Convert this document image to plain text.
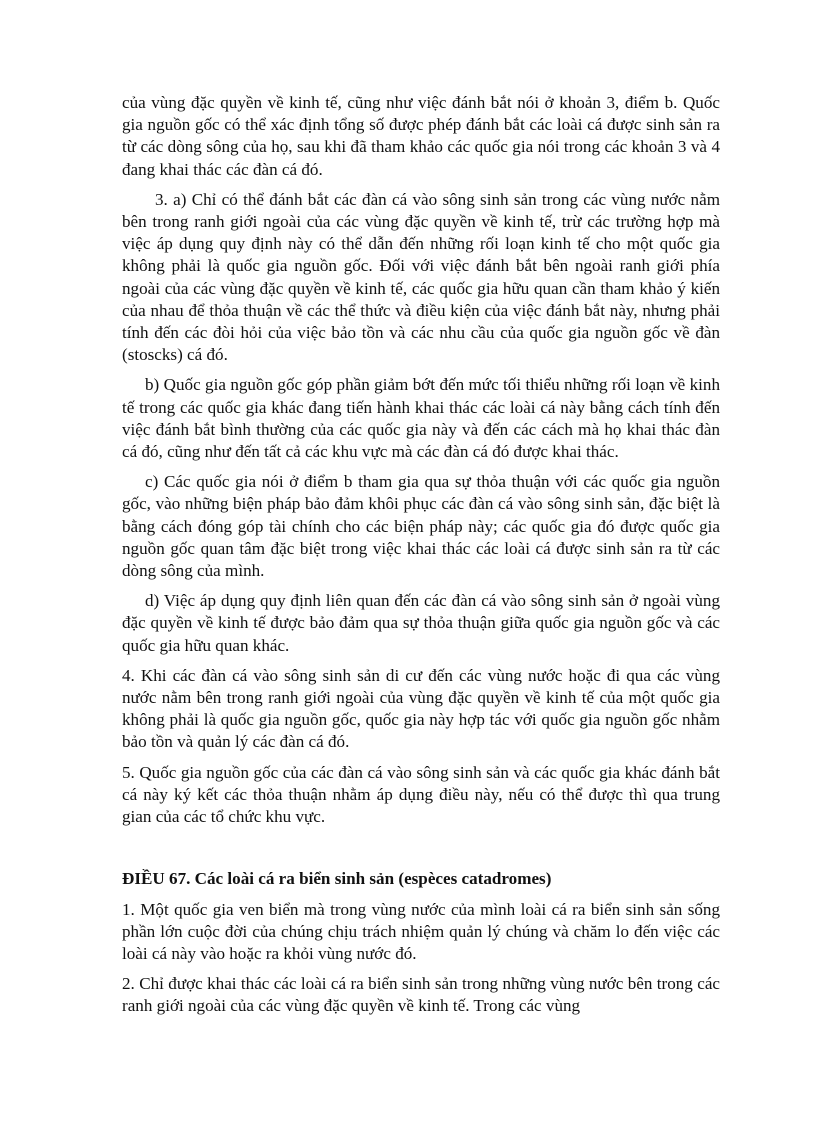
của vùng đặc quyền về kinh tế, cũng như việc đánh bắt nói ở khoản 3, điểm b. Quốc gia nguồn gốc có thể xác định tổng số được phép đánh bắt các loài cá được sinh sản ra từ các dòng sông của họ, sau khi đã tham khảo các quốc gia nói trong các khoản 3 và 4 đang khai thác các đàn cá đó.

3. a) Chỉ có thể đánh bắt các đàn cá vào sông sinh sản trong các vùng nước nằm bên trong ranh giới ngoài của các vùng đặc quyền về kinh tế, trừ các trường hợp mà việc áp dụng quy định này có thể dẫn đến những rối loạn kinh tế cho một quốc gia không phải là quốc gia nguồn gốc. Đối với việc đánh bắt bên ngoài ranh giới phía ngoài của các vùng đặc quyền về kinh tế, các quốc gia hữu quan cần tham khảo ý kiến của nhau để thỏa thuận về các thể thức và điều kiện của việc đánh bắt này, nhưng phải tính đến các đòi hỏi của việc bảo tồn và các nhu cầu của quốc gia nguồn gốc về đàn (stoscks) cá đó.

b) Quốc gia nguồn gốc góp phần giảm bớt đến mức tối thiểu những rối loạn về kinh tế trong các quốc gia khác đang tiến hành khai thác các loài cá này bằng cách tính đến việc đánh bắt bình thường của các quốc gia này và đến các cách mà họ khai thác đàn cá đó, cũng như đến tất cả các khu vực mà các đàn cá đó được khai thác.

c) Các quốc gia nói ở điểm b tham gia qua sự thỏa thuận với các quốc gia nguồn gốc, vào những biện pháp bảo đảm khôi phục các đàn cá vào sông sinh sản, đặc biệt là bằng cách đóng góp tài chính cho các biện pháp này; các quốc gia đó được quốc gia nguồn gốc quan tâm đặc biệt trong việc khai thác các loài cá được sinh sản ra từ các dòng sông của mình.

d) Việc áp dụng quy định liên quan đến các đàn cá vào sông sinh sản ở ngoài vùng đặc quyền về kinh tế được bảo đảm qua sự thỏa thuận giữa quốc gia nguồn gốc và các quốc gia hữu quan khác.

4. Khi các đàn cá vào sông sinh sản di cư đến các vùng nước hoặc đi qua các vùng nước nằm bên trong ranh giới ngoài của vùng đặc quyền về kinh tế của một quốc gia không phải là quốc gia nguồn gốc, quốc gia này hợp tác với quốc gia nguồn gốc nhằm bảo tồn và quản lý các đàn cá đó.

5. Quốc gia nguồn gốc của các đàn cá vào sông sinh sản và các quốc gia khác đánh bắt cá này ký kết các thỏa thuận nhằm áp dụng điều này, nếu có thể được thì qua trung gian của các tổ chức khu vực.

ĐIỀU 67. Các loài cá ra biển sinh sản (espèces catadromes)

1. Một quốc gia ven biển mà trong vùng nước của mình loài cá ra biển sinh sản sống phần lớn cuộc đời của chúng chịu trách nhiệm quản lý chúng và chăm lo đến việc các loài cá này vào hoặc ra khỏi vùng nước đó.

2. Chỉ được khai thác các loài cá ra biển sinh sản trong những vùng nước bên trong các ranh giới ngoài của các vùng đặc quyền về kinh tế. Trong các vùng
